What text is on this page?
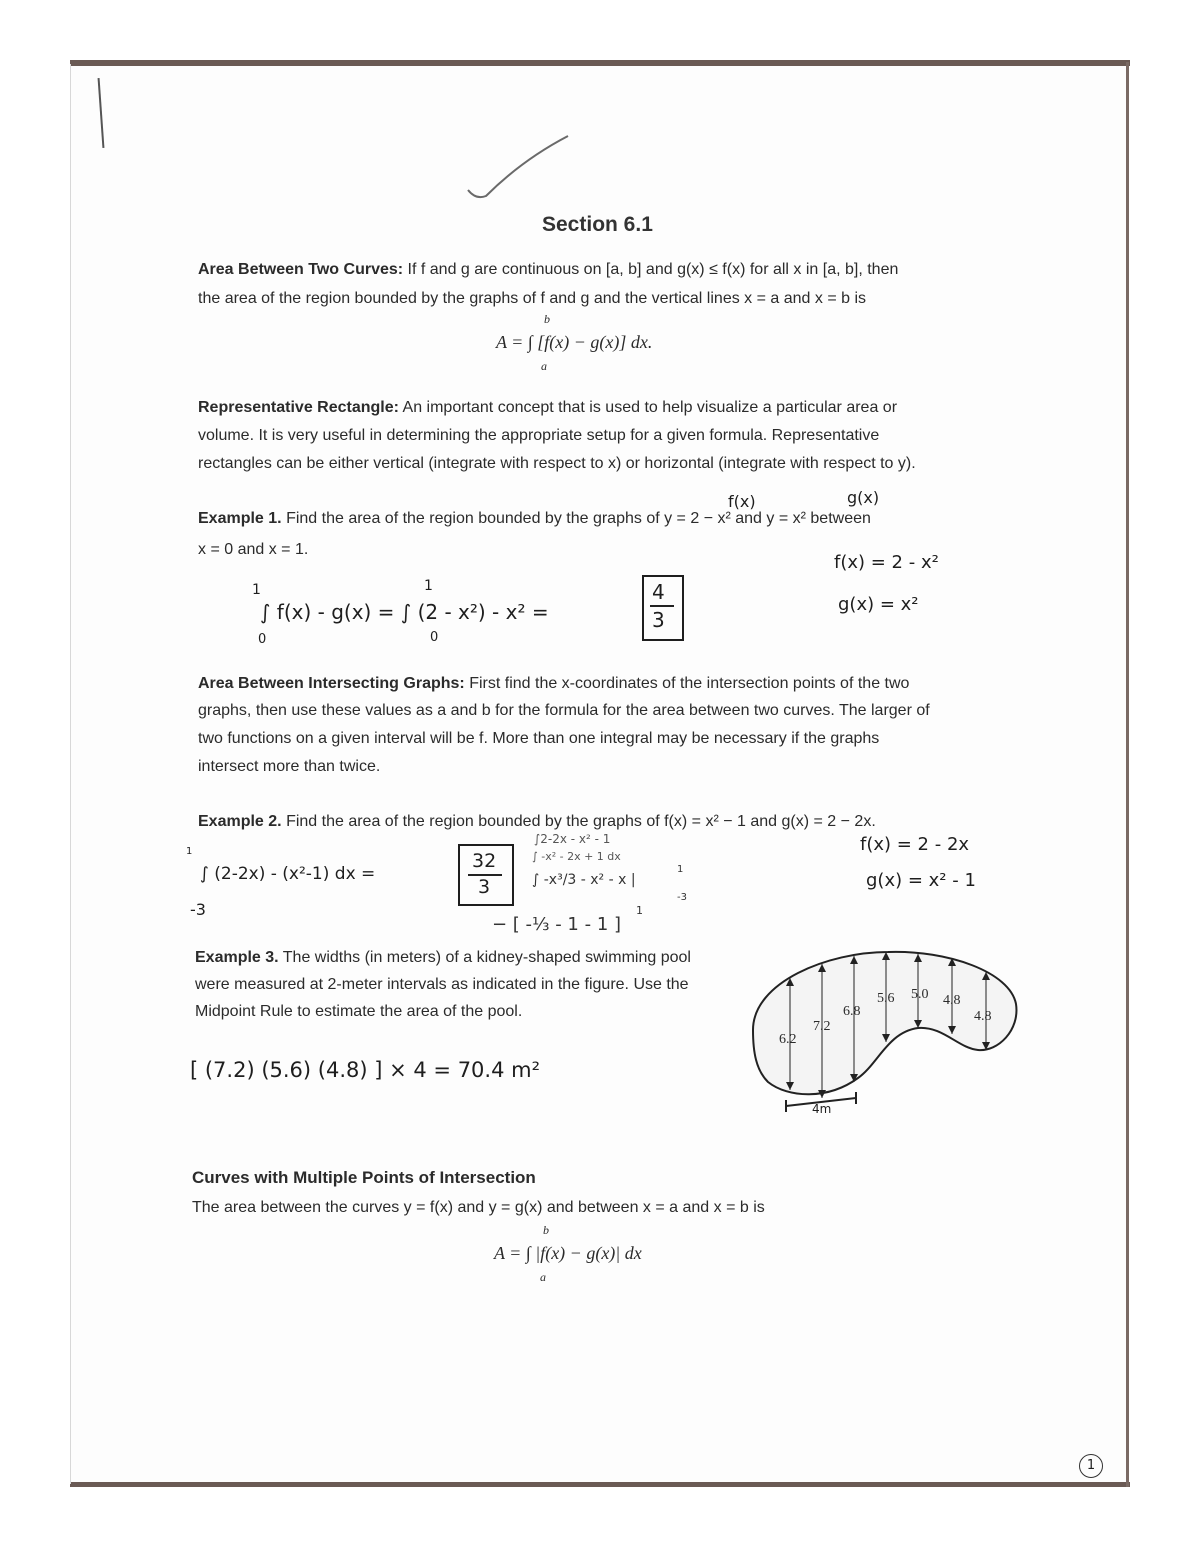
Section 6.1
Area Between Two Curves: If f and g are continuous on [a, b] and g(x) ≤ f(x) for all x in [a, b], then
the area of the region bounded by the graphs of f and g and the vertical lines x = a and x = b is
A = ∫ [f(x) − g(x)] dx.
b
a
Representative Rectangle: An important concept that is used to help visualize a particular area or
volume. It is very useful in determining the appropriate setup for a given formula. Representative
rectangles can be either vertical (integrate with respect to x) or horizontal (integrate with respect to y).
f(x)	g(x)
Example 1. Find the area of the region bounded by the graphs of y = 2 − x² and y = x² between
x = 0 and x = 1.
f(x) = 2 - x²
g(x) = x²
1
0
1
0
∫ f(x) - g(x) = ∫ (2 - x²) - x² =
4
3
Area Between Intersecting Graphs: First find the x-coordinates of the intersection points of the two
graphs, then use these values as a and b for the formula for the area between two curves. The larger of
two functions on a given interval will be f. More than one integral may be necessary if the graphs
intersect more than twice.
Example 2. Find the area of the region bounded by the graphs of f(x) = x² − 1 and g(x) = 2 − 2x.
∫2-2x - x² - 1
∫ -x² - 2x + 1 dx
∫ -x³/3 - x² - x |
1
-3
− [ -⅓ - 1 - 1 ]
1
f(x) = 2 - 2x
g(x) = x² - 1
1
-3
∫ (2-2x) - (x²-1) dx =
32
3
Example 3. The widths (in meters) of a kidney-shaped swimming pool
were measured at 2-meter intervals as indicated in the figure. Use the
Midpoint Rule to estimate the area of the pool.
[ (7.2) (5.6) (4.8) ] × 4 = 70.4 m²
6.2
7.2
6.8
5.6 5.0 4.8
4.8
4m
Curves with Multiple Points of Intersection
The area between the curves y = f(x) and y = g(x) and between x = a and x = b is
A = ∫ |f(x) − g(x)| dx
b
a
1
